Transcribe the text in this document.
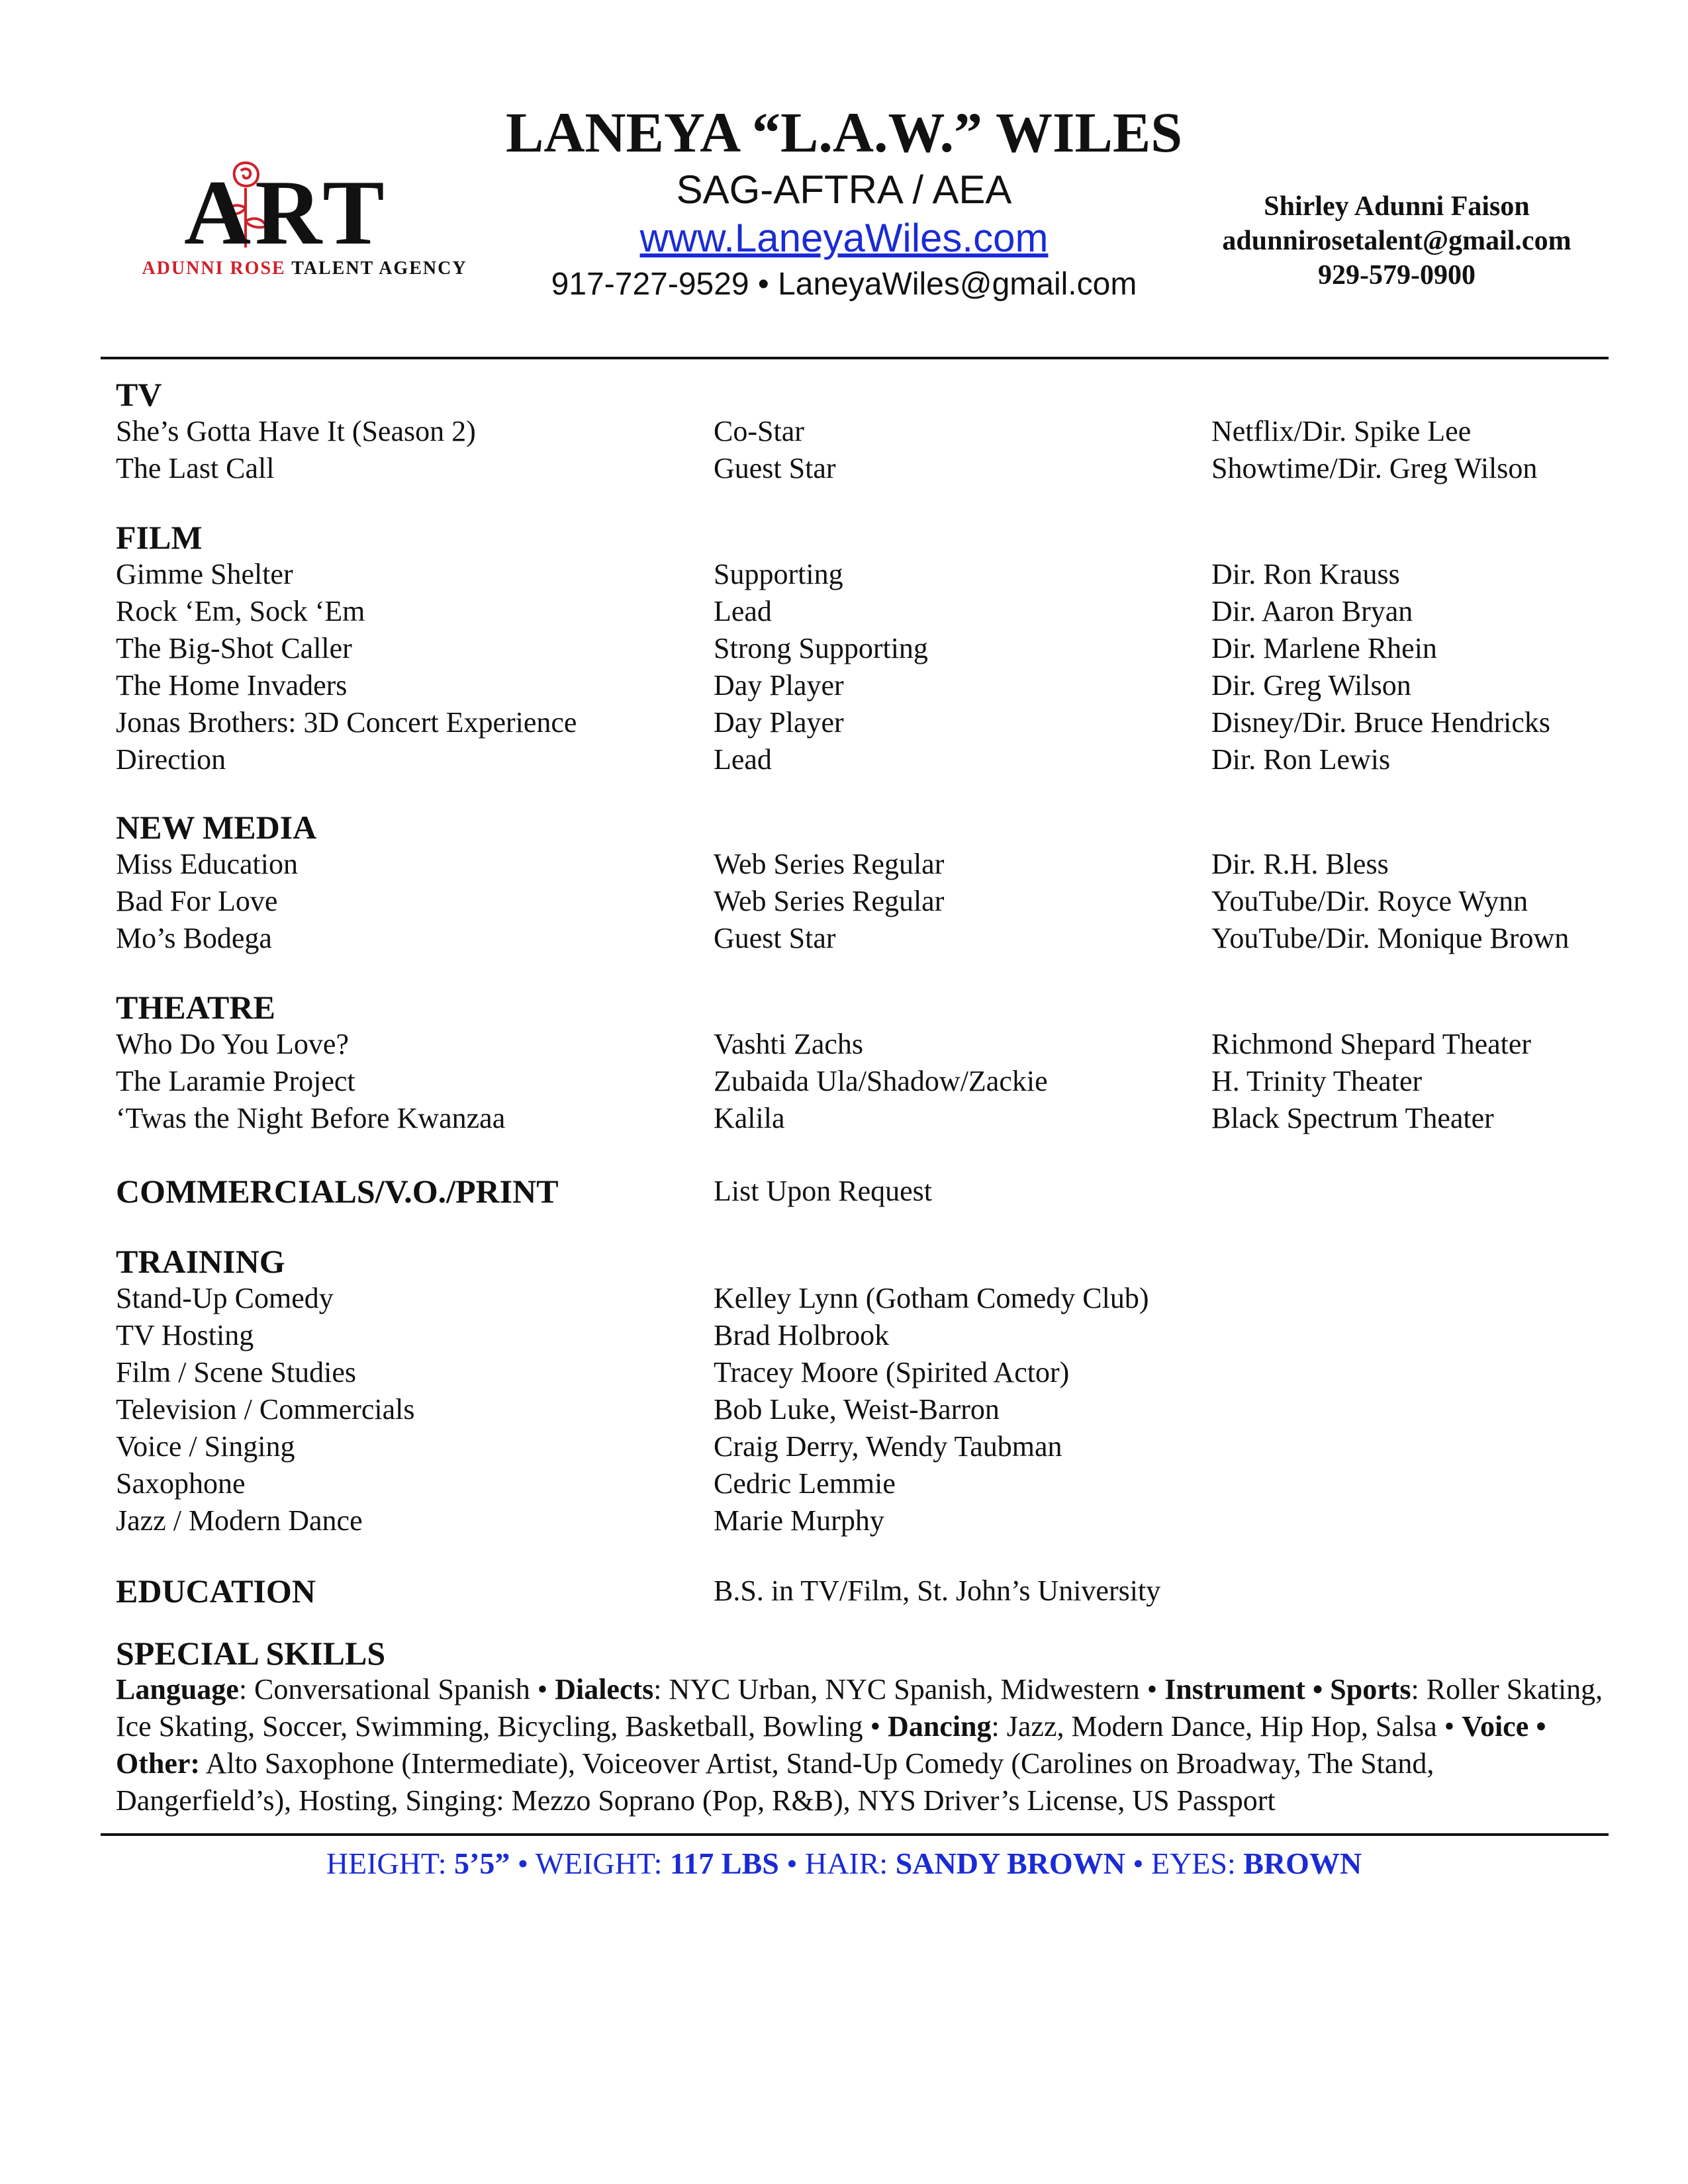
LANEYA “L.A.W.” WILES
SAG-AFTRA / AEA
www.LaneyaWiles.com
917-727-9529 • LaneyaWiles@gmail.com
ART
ADUNNI ROSE TALENT AGENCY
Shirley Adunni Faison
adunnirosetalent@gmail.com
929-579-0900
TV
She’s Gotta Have It (Season 2)	Co-Star	Netflix/Dir. Spike Lee
The Last Call	Guest Star	Showtime/Dir. Greg Wilson
FILM
Gimme Shelter	Supporting	Dir. Ron Krauss
Rock ‘Em, Sock ‘Em	Lead	Dir. Aaron Bryan
The Big-Shot Caller	Strong Supporting	Dir. Marlene Rhein
The Home Invaders	Day Player	Dir. Greg Wilson
Jonas Brothers: 3D Concert Experience	Day Player	Disney/Dir. Bruce Hendricks
Direction	Lead	Dir. Ron Lewis
NEW MEDIA
Miss Education	Web Series Regular	Dir. R.H. Bless
Bad For Love	Web Series Regular	YouTube/Dir. Royce Wynn
Mo’s Bodega	Guest Star	YouTube/Dir. Monique Brown
THEATRE
Who Do You Love?	Vashti Zachs	Richmond Shepard Theater
The Laramie Project	Zubaida Ula/Shadow/Zackie	H. Trinity Theater
‘Twas the Night Before Kwanzaa	Kalila	Black Spectrum Theater
COMMERCIALS/V.O./PRINT	List Upon Request
TRAINING
Stand-Up Comedy	Kelley Lynn (Gotham Comedy Club)
TV Hosting	Brad Holbrook
Film / Scene Studies	Tracey Moore (Spirited Actor)
Television / Commercials	Bob Luke, Weist-Barron
Voice / Singing	Craig Derry, Wendy Taubman
Saxophone	Cedric Lemmie
Jazz / Modern Dance	Marie Murphy
EDUCATION	B.S. in TV/Film, St. John’s University
SPECIAL SKILLS
Language: Conversational Spanish • Dialects: NYC Urban, NYC Spanish, Midwestern • Instrument • Sports: Roller Skating, Ice Skating, Soccer, Swimming, Bicycling, Basketball, Bowling • Dancing: Jazz, Modern Dance, Hip Hop, Salsa • Voice • Other: Alto Saxophone (Intermediate), Voiceover Artist, Stand-Up Comedy (Carolines on Broadway, The Stand, Dangerfield’s), Hosting, Singing: Mezzo Soprano (Pop, R&B), NYS Driver’s License, US Passport
HEIGHT: 5’5” • WEIGHT: 117 LBS • HAIR: SANDY BROWN • EYES: BROWN
